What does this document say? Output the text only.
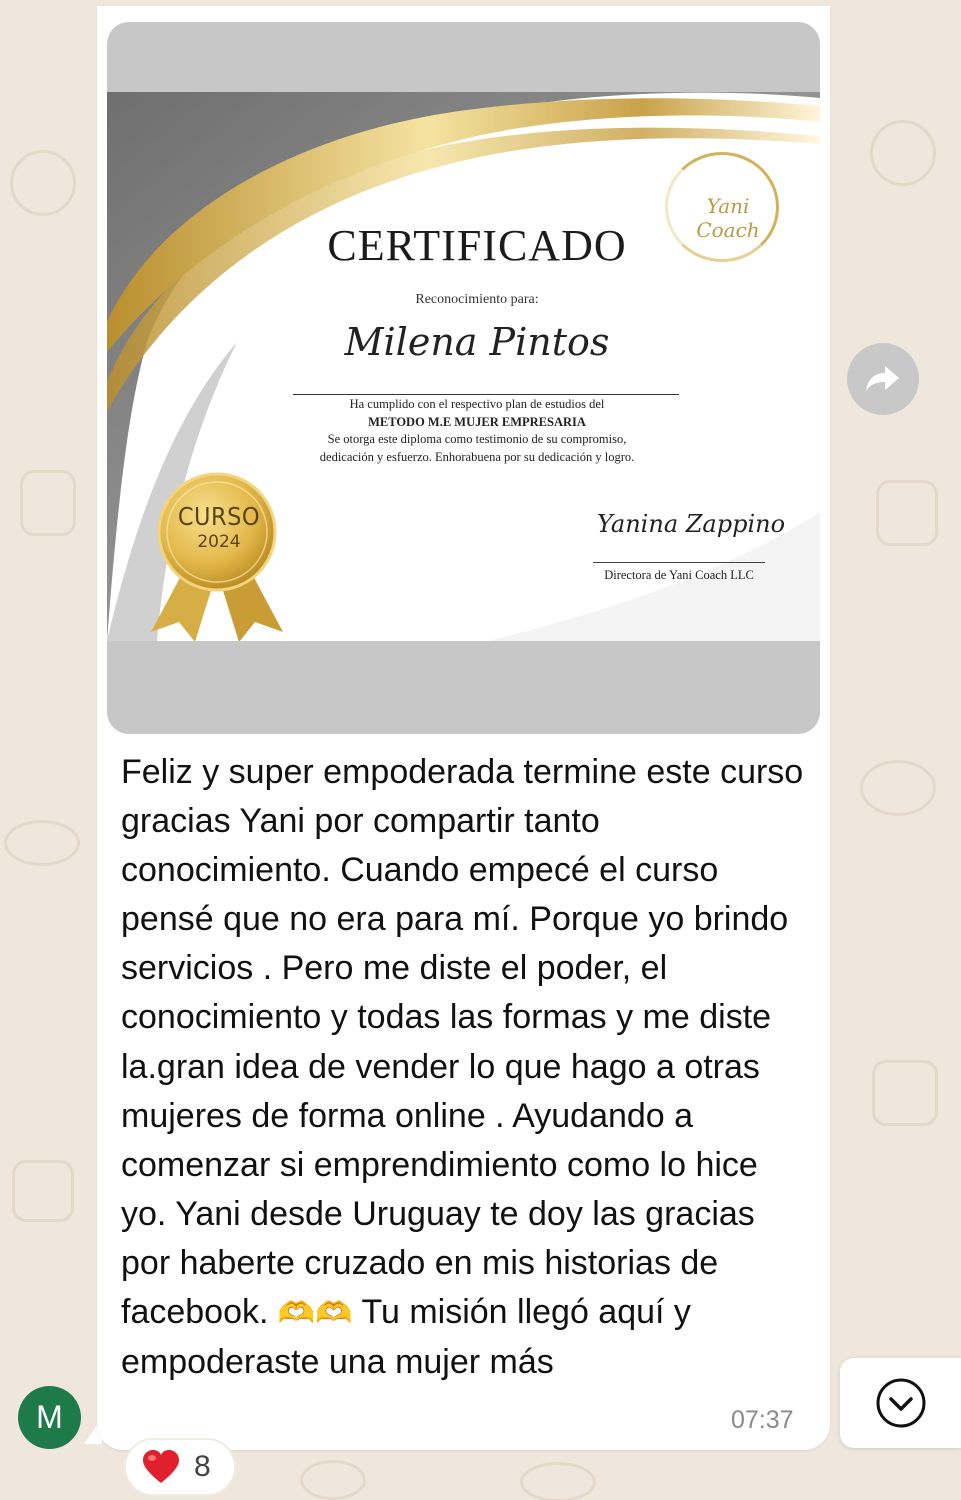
Yani Coach
CERTIFICADO
Reconocimiento para:
Milena Pintos
Ha cumplido con el respectivo plan de estudios del
METODO M.E MUJER EMPRESARIA
Se otorga este diploma como testimonio de su compromiso,
dedicación y esfuerzo. Enhorabuena por su dedicación y logro.
CURSO
2024
Yanina Zappino
Directora de Yani Coach LLC
Feliz y super empoderada termine este curso gracias Yani por compartir tanto conocimiento. Cuando empecé el curso pensé que no era para mí. Porque yo brindo servicios . Pero me diste el poder, el conocimiento y todas las formas y me diste la.gran idea de vender lo que hago a otras mujeres de forma online . Ayudando a comenzar si emprendimiento como lo hice yo. Yani desde Uruguay te doy las gracias por haberte cruzado en mis historias de facebook. 🫶🫶 Tu misión llegó aquí y empoderaste una mujer más
07:37
M
8
